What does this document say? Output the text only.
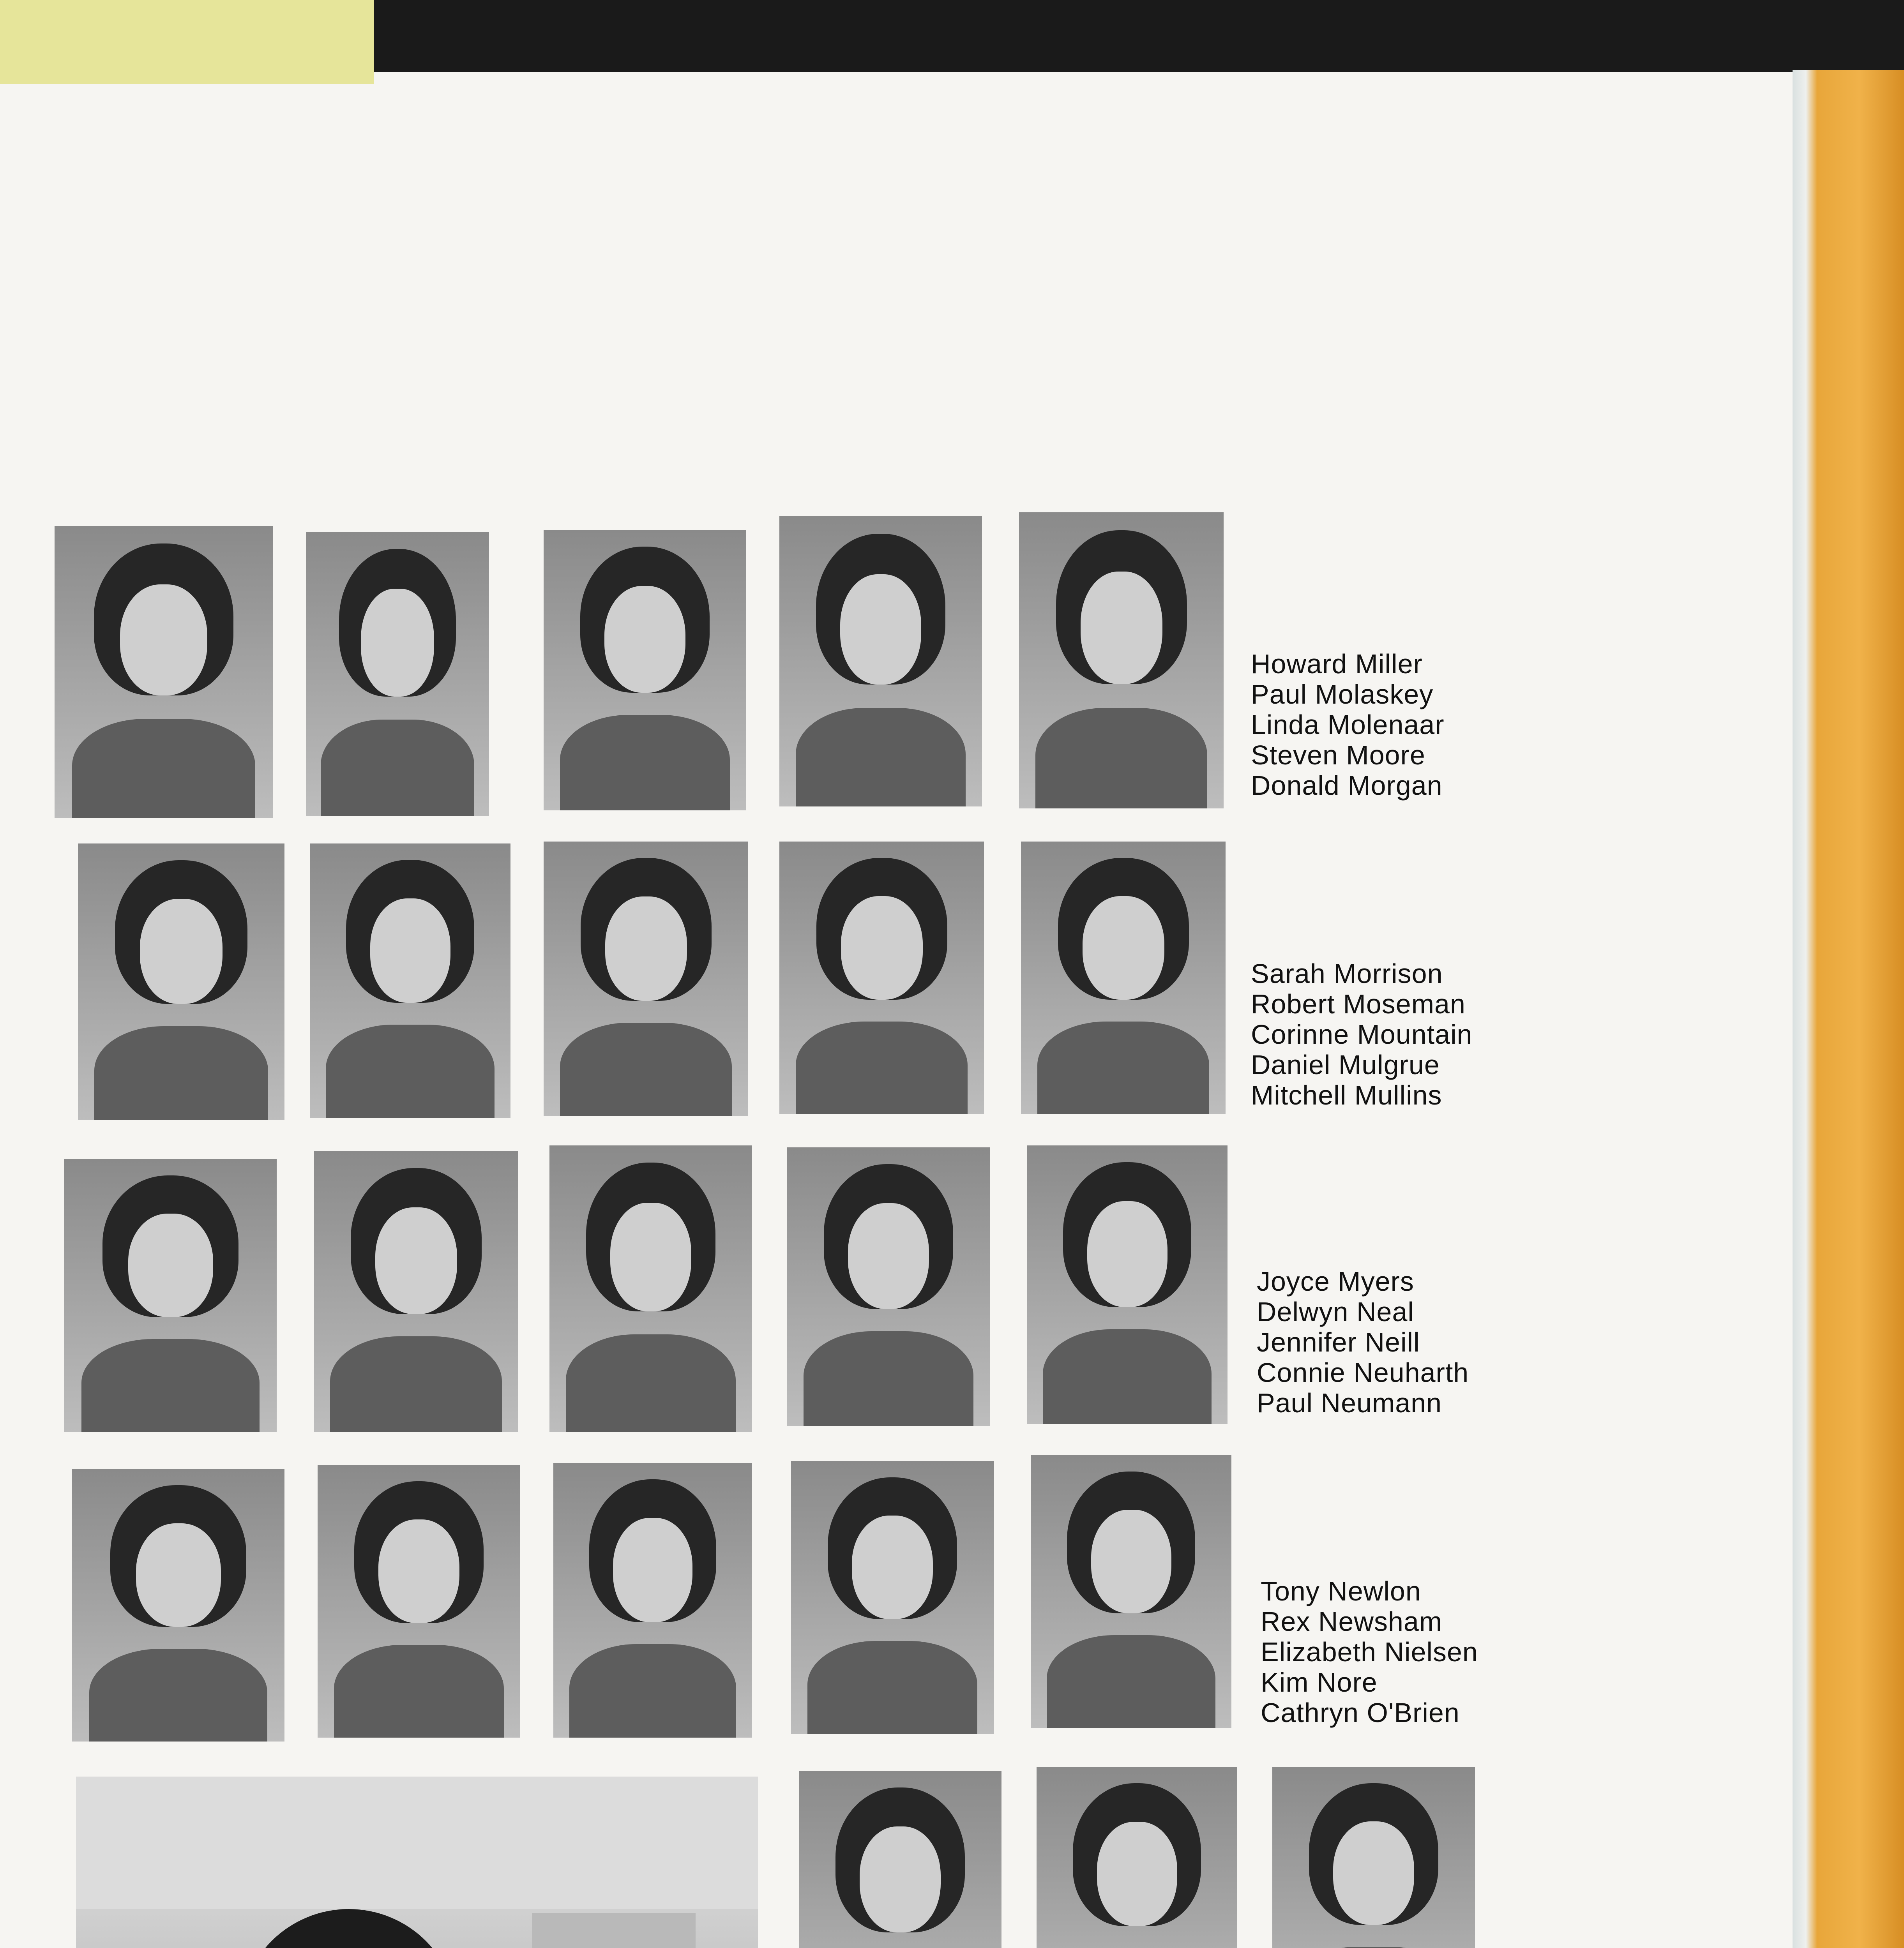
Howard Miller
Paul Molaskey
Linda Molenaar
Steven Moore
Donald Morgan
Sarah Morrison
Robert Moseman
Corinne Mountain
Daniel Mulgrue
Mitchell Mullins
Joyce Myers
Delwyn Neal
Jennifer Neill
Connie Neuharth
Paul Neumann
Tony Newlon
Rex Newsham
Elizabeth Nielsen
Kim Nore
Cathryn O'Brien
